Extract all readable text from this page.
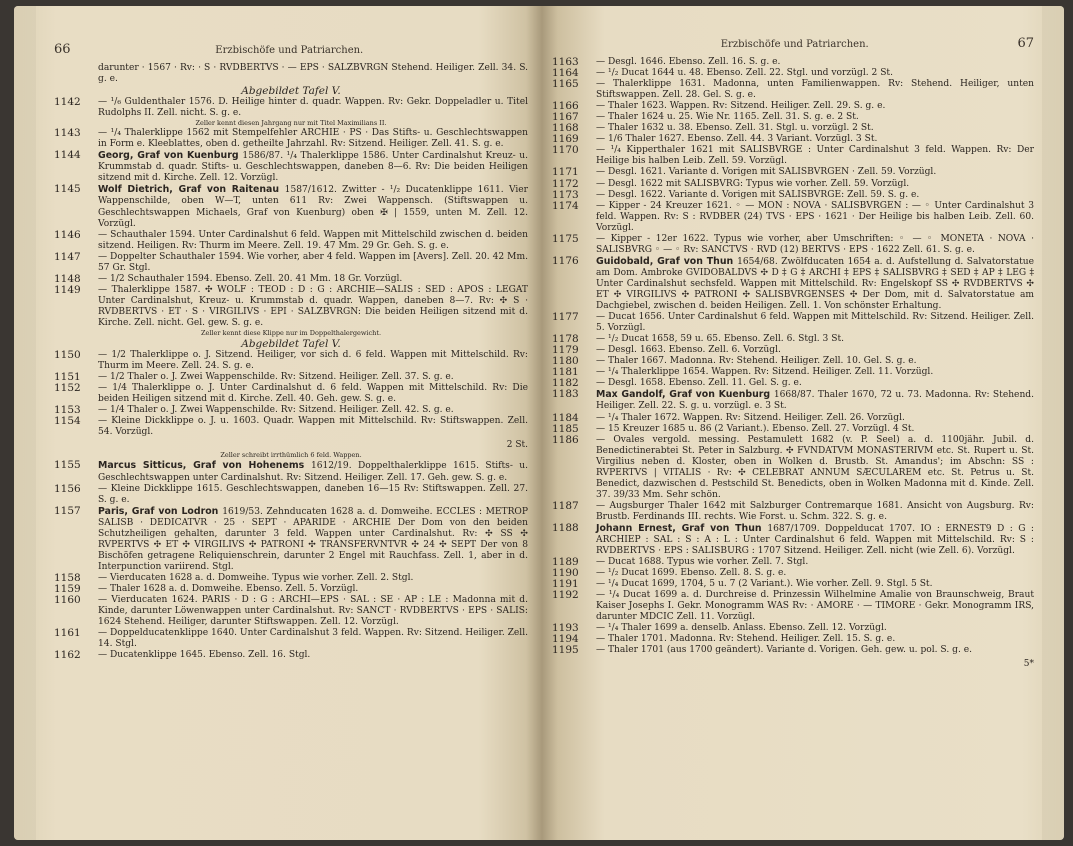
66	Erzbischöfe und Patriarchen.
darunter · 1567 · Rv: · S · RVDBERTVS · — EPS · SALZBVRGN Stehend. Heiliger. Zell. 34. S. g. e.
Abgebildet Tafel V.
1142	— ¹/₆ Guldenthaler 1576. D. Heilige hinter d. quadr. Wappen. Rv: Gekr. Doppeladler u. Titel Rudolphs II. Zell. nicht. S. g. e.
Zeller kennt diesen Jahrgang nur mit Titel Maximilians II.
1143	— ¹/₄ Thalerklippe 1562 mit Stempelfehler ARCHIE · PS · Das Stifts- u. Geschlechtswappen in Form e. Kleeblattes, oben d. getheilte Jahrzahl. Rv: Sitzend. Heiliger. Zell. 41. S. g. e.
1144	Georg, Graf von Kuenburg 1586/87. ¹/₄ Thalerklippe 1586. Unter Cardinalshut Kreuz- u. Krummstab d. quadr. Stifts- u. Geschlechtswappen, daneben 8—6. Rv: Die beiden Heiligen sitzend mit d. Kirche. Zell. 12. Vorzügl.
1145	Wolf Dietrich, Graf von Raitenau 1587/1612. Zwitter - ¹/₂ Ducatenklippe 1611. Vier Wappenschilde, oben W—T, unten 611 Rv: Zwei Wappensch. (Stiftswappen u. Geschlechtswappen Michaels, Graf von Kuenburg) oben ✠ | 1559, unten M. Zell. 12. Vorzügl.
1146	— Schauthaler 1594. Unter Cardinalshut 6 feld. Wappen mit Mittelschild zwischen d. beiden sitzend. Heiligen. Rv: Thurm im Meere. Zell. 19. 47 Mm. 29 Gr. Geh. S. g. e.
1147	— Doppelter Schauthaler 1594. Wie vorher, aber 4 feld. Wappen im [Avers]. Zell. 20. 42 Mm. 57 Gr. Stgl.
1148	— 1/2 Schauthaler 1594. Ebenso. Zell. 20. 41 Mm. 18 Gr. Vorzügl.
1149	— Thalerklippe 1587. ✣ WOLF : TEOD : D : G : ARCHIE—SALIS : SED : APOS : LEGAT Unter Cardinalshut, Kreuz- u. Krummstab d. quadr. Wappen, daneben 8—7. Rv: ✣ S · RVDBERTVS · ET · S · VIRGILIVS · EPI · SALZBVRGN: Die beiden Heiligen sitzend mit d. Kirche. Zell. nicht. Gel. gew. S. g. e.
Zeller kennt diese Klippe nur im Doppelthalergewicht.
Abgebildet Tafel V.
1150	— 1/2 Thalerklippe o. J. Sitzend. Heiliger, vor sich d. 6 feld. Wappen mit Mittelschild. Rv: Thurm im Meere. Zell. 24. S. g. e.
1151	— 1/2 Thaler o. J. Zwei Wappenschilde. Rv: Sitzend. Heiliger. Zell. 37. S. g. e.
1152	— 1/4 Thalerklippe o. J. Unter Cardinalshut d. 6 feld. Wappen mit Mittelschild. Rv: Die beiden Heiligen sitzend mit d. Kirche. Zell. 40. Geh. gew. S. g. e.
1153	— 1/4 Thaler o. J. Zwei Wappenschilde. Rv: Sitzend. Heiliger. Zell. 42. S. g. e.
1154	— Kleine Dickklippe o. J. u. 1603. Quadr. Wappen mit Mittelschild. Rv: Stiftswappen. Zell. 54. Vorzügl.
2 St.
Zeller schreibt irrthümlich 6 feld. Wappen.
1155	Marcus Sitticus, Graf von Hohenems 1612/19. Doppelthalerklippe 1615. Stifts- u. Geschlechtswappen unter Cardinalshut. Rv: Sitzend. Heiliger. Zell. 17. Geh. gew. S. g. e.
1156	— Kleine Dickklippe 1615. Geschlechtswappen, daneben 16—15 Rv: Stiftswappen. Zell. 27. S. g. e.
1157	Paris, Graf von Lodron 1619/53. Zehnducaten 1628 a. d. Domweihe. ECCLES : METROP SALISB · DEDICATVR · 25 · SEPT · APARIDE · ARCHIE Der Dom von den beiden Schutzheiligen gehalten, darunter 3 feld. Wappen unter Cardinalshut. Rv: ✣ SS ✣ RVPERTVS ✣ ET ✣ VIRGILIVS ✣ PATRONI ✣ TRANSFERVNTVR ✣ 24 ✣ SEPT Der von 8 Bischöfen getragene Reliquienschrein, darunter 2 Engel mit Rauchfass. Zell. 1, aber in d. Interpunction variirend. Stgl.
1158	— Vierducaten 1628 a. d. Domweihe. Typus wie vorher. Zell. 2. Stgl.
1159	— Thaler 1628 a. d. Domweihe. Ebenso. Zell. 5. Vorzügl.
1160	— Vierducaten 1624. PARIS · D : G : ARCHI—EPS · SAL : SE · AP : LE : Madonna mit d. Kinde, darunter Löwenwappen unter Cardinalshut. Rv: SANCT · RVDBERTVS · EPS · SALIS: 1624 Stehend. Heiliger, darunter Stiftswappen. Zell. 12. Vorzügl.
1161	— Doppelducatenklippe 1640. Unter Cardinalshut 3 feld. Wappen. Rv: Sitzend. Heiliger. Zell. 14. Stgl.
1162	— Ducatenklippe 1645. Ebenso. Zell. 16. Stgl.
Erzbischöfe und Patriarchen.	67
1163	— Desgl. 1646. Ebenso. Zell. 16. S. g. e.
1164	— ¹/₂ Ducat 1644 u. 48. Ebenso. Zell. 22. Stgl. und vorzügl. 2 St.
1165	— Thalerklippe 1631. Madonna, unten Familienwappen. Rv: Stehend. Heiliger, unten Stiftswappen. Zell. 28. Gel. S. g. e.
1166	— Thaler 1623. Wappen. Rv: Sitzend. Heiliger. Zell. 29. S. g. e.
1167	— Thaler 1624 u. 25. Wie Nr. 1165. Zell. 31. S. g. e. 2 St.
1168	— Thaler 1632 u. 38. Ebenso. Zell. 31. Stgl. u. vorzügl. 2 St.
1169	— 1/6 Thaler 1627. Ebenso. Zell. 44. 3 Variant. Vorzügl. 3 St.
1170	— ¹/₄ Kipperthaler 1621 mit SALISBVRGE : Unter Cardinalshut 3 feld. Wappen. Rv: Der Heilige bis halben Leib. Zell. 59. Vorzügl.
1171	— Desgl. 1621. Variante d. Vorigen mit SALISBVRGEN · Zell. 59. Vorzügl.
1172	— Desgl. 1622 mit SALISBVRG: Typus wie vorher. Zell. 59. Vorzügl.
1173	— Desgl. 1622. Variante d. Vorigen mit SALISBVRGE: Zell. 59. S. g. e.
1174	— Kipper - 24 Kreuzer 1621. ◦ — MON : NOVA · SALISBVRGEN : — ◦ Unter Cardinalshut 3 feld. Wappen. Rv: S : RVDBER (24) TVS · EPS · 1621 · Der Heilige bis halben Leib. Zell. 60. Vorzügl.
1175	— Kipper - 12er 1622. Typus wie vorher, aber Umschriften: ◦ — ◦ MONETA · NOVA · SALISBVRG ◦ — ◦ Rv: SANCTVS · RVD (12) BERTVS · EPS · 1622 Zell. 61. S. g. e.
1176	Guidobald, Graf von Thun 1654/68. Zwölfducaten 1654 a. d. Aufstellung d. Salvatorstatue am Dom. Ambroke GVIDOBALDVS ✣ D ‡ G ‡ ARCHI ‡ EPS ‡ SALISBVRG ‡ SED ‡ AP ‡ LEG ‡ Unter Cardinalshut sechsfeld. Wappen mit Mittelschild. Rv: Engelskopf SS ✣ RVDBERTVS ✣ ET ✣ VIRGILIVS ✣ PATRONI ✣ SALISBVRGENSES ✣ Der Dom, mit d. Salvatorstatue am Dachgiebel, zwischen d. beiden Heiligen. Zell. 1. Von schönster Erhaltung.
1177	— Ducat 1656. Unter Cardinalshut 6 feld. Wappen mit Mittelschild. Rv: Sitzend. Heiliger. Zell. 5. Vorzügl.
1178	— ¹/₂ Ducat 1658, 59 u. 65. Ebenso. Zell. 6. Stgl. 3 St.
1179	— Desgl. 1663. Ebenso. Zell. 6. Vorzügl.
1180	— Thaler 1667. Madonna. Rv: Stehend. Heiliger. Zell. 10. Gel. S. g. e.
1181	— ¹/₄ Thalerklippe 1654. Wappen. Rv: Sitzend. Heiliger. Zell. 11. Vorzügl.
1182	— Desgl. 1658. Ebenso. Zell. 11. Gel. S. g. e.
1183	Max Gandolf, Graf von Kuenburg 1668/87. Thaler 1670, 72 u. 73. Madonna. Rv: Stehend. Heiliger. Zell. 22. S. g. u. vorzügl. e. 3 St.
1184	— ¹/₄ Thaler 1672. Wappen. Rv: Sitzend. Heiliger. Zell. 26. Vorzügl.
1185	— 15 Kreuzer 1685 u. 86 (2 Variant.). Ebenso. Zell. 27. Vorzügl. 4 St.
1186	— Ovales vergold. messing. Pestamulett 1682 (v. P. Seel) a. d. 1100jähr. Jubil. d. Benedictinerabtei St. Peter in Salzburg. ✣ FVNDATVM MONASTERIVM etc. St. Rupert u. St. Virgilius neben d. Kloster, oben in Wolken d. Brustb. St. Amandus'; im Abschn: SS : RVPERTVS | VITALIS · Rv: ✣ CELEBRAT ANNUM SÆCULAREM etc. St. Petrus u. St. Benedict, dazwischen d. Pestschild St. Benedicts, oben in Wolken Madonna mit d. Kinde. Zell. 37. 39/33 Mm. Sehr schön.
1187	— Augsburger Thaler 1642 mit Salzburger Contremarque 1681. Ansicht von Augsburg. Rv: Brustb. Ferdinands III. rechts. Wie Forst. u. Schm. 322. S. g. e.
1188	Johann Ernest, Graf von Thun 1687/1709. Doppelducat 1707. IO : ERNEST9 D : G : ARCHIEP : SAL : S : A : L : Unter Cardinalshut 6 feld. Wappen mit Mittelschild. Rv: S : RVDBERTVS · EPS : SALISBURG : 1707 Sitzend. Heiliger. Zell. nicht (wie Zell. 6). Vorzügl.
1189	— Ducat 1688. Typus wie vorher. Zell. 7. Stgl.
1190	— ¹/₂ Ducat 1699. Ebenso. Zell. 8. S. g. e.
1191	— ¹/₄ Ducat 1699, 1704, 5 u. 7 (2 Variant.). Wie vorher. Zell. 9. Stgl. 5 St.
1192	— ¹/₄ Ducat 1699 a. d. Durchreise d. Prinzessin Wilhelmine Amalie von Braunschweig, Braut Kaiser Josephs I. Gekr. Monogramm WAS Rv: · AMORE · — TIMORE · Gekr. Monogramm IRS, darunter MDCIC Zell. 11. Vorzügl.
1193	— ¹/₄ Thaler 1699 a. denselb. Anlass. Ebenso. Zell. 12. Vorzügl.
1194	— Thaler 1701. Madonna. Rv: Stehend. Heiliger. Zell. 15. S. g. e.
1195	— Thaler 1701 (aus 1700 geändert). Variante d. Vorigen. Geh. gew. u. pol. S. g. e.
5*
